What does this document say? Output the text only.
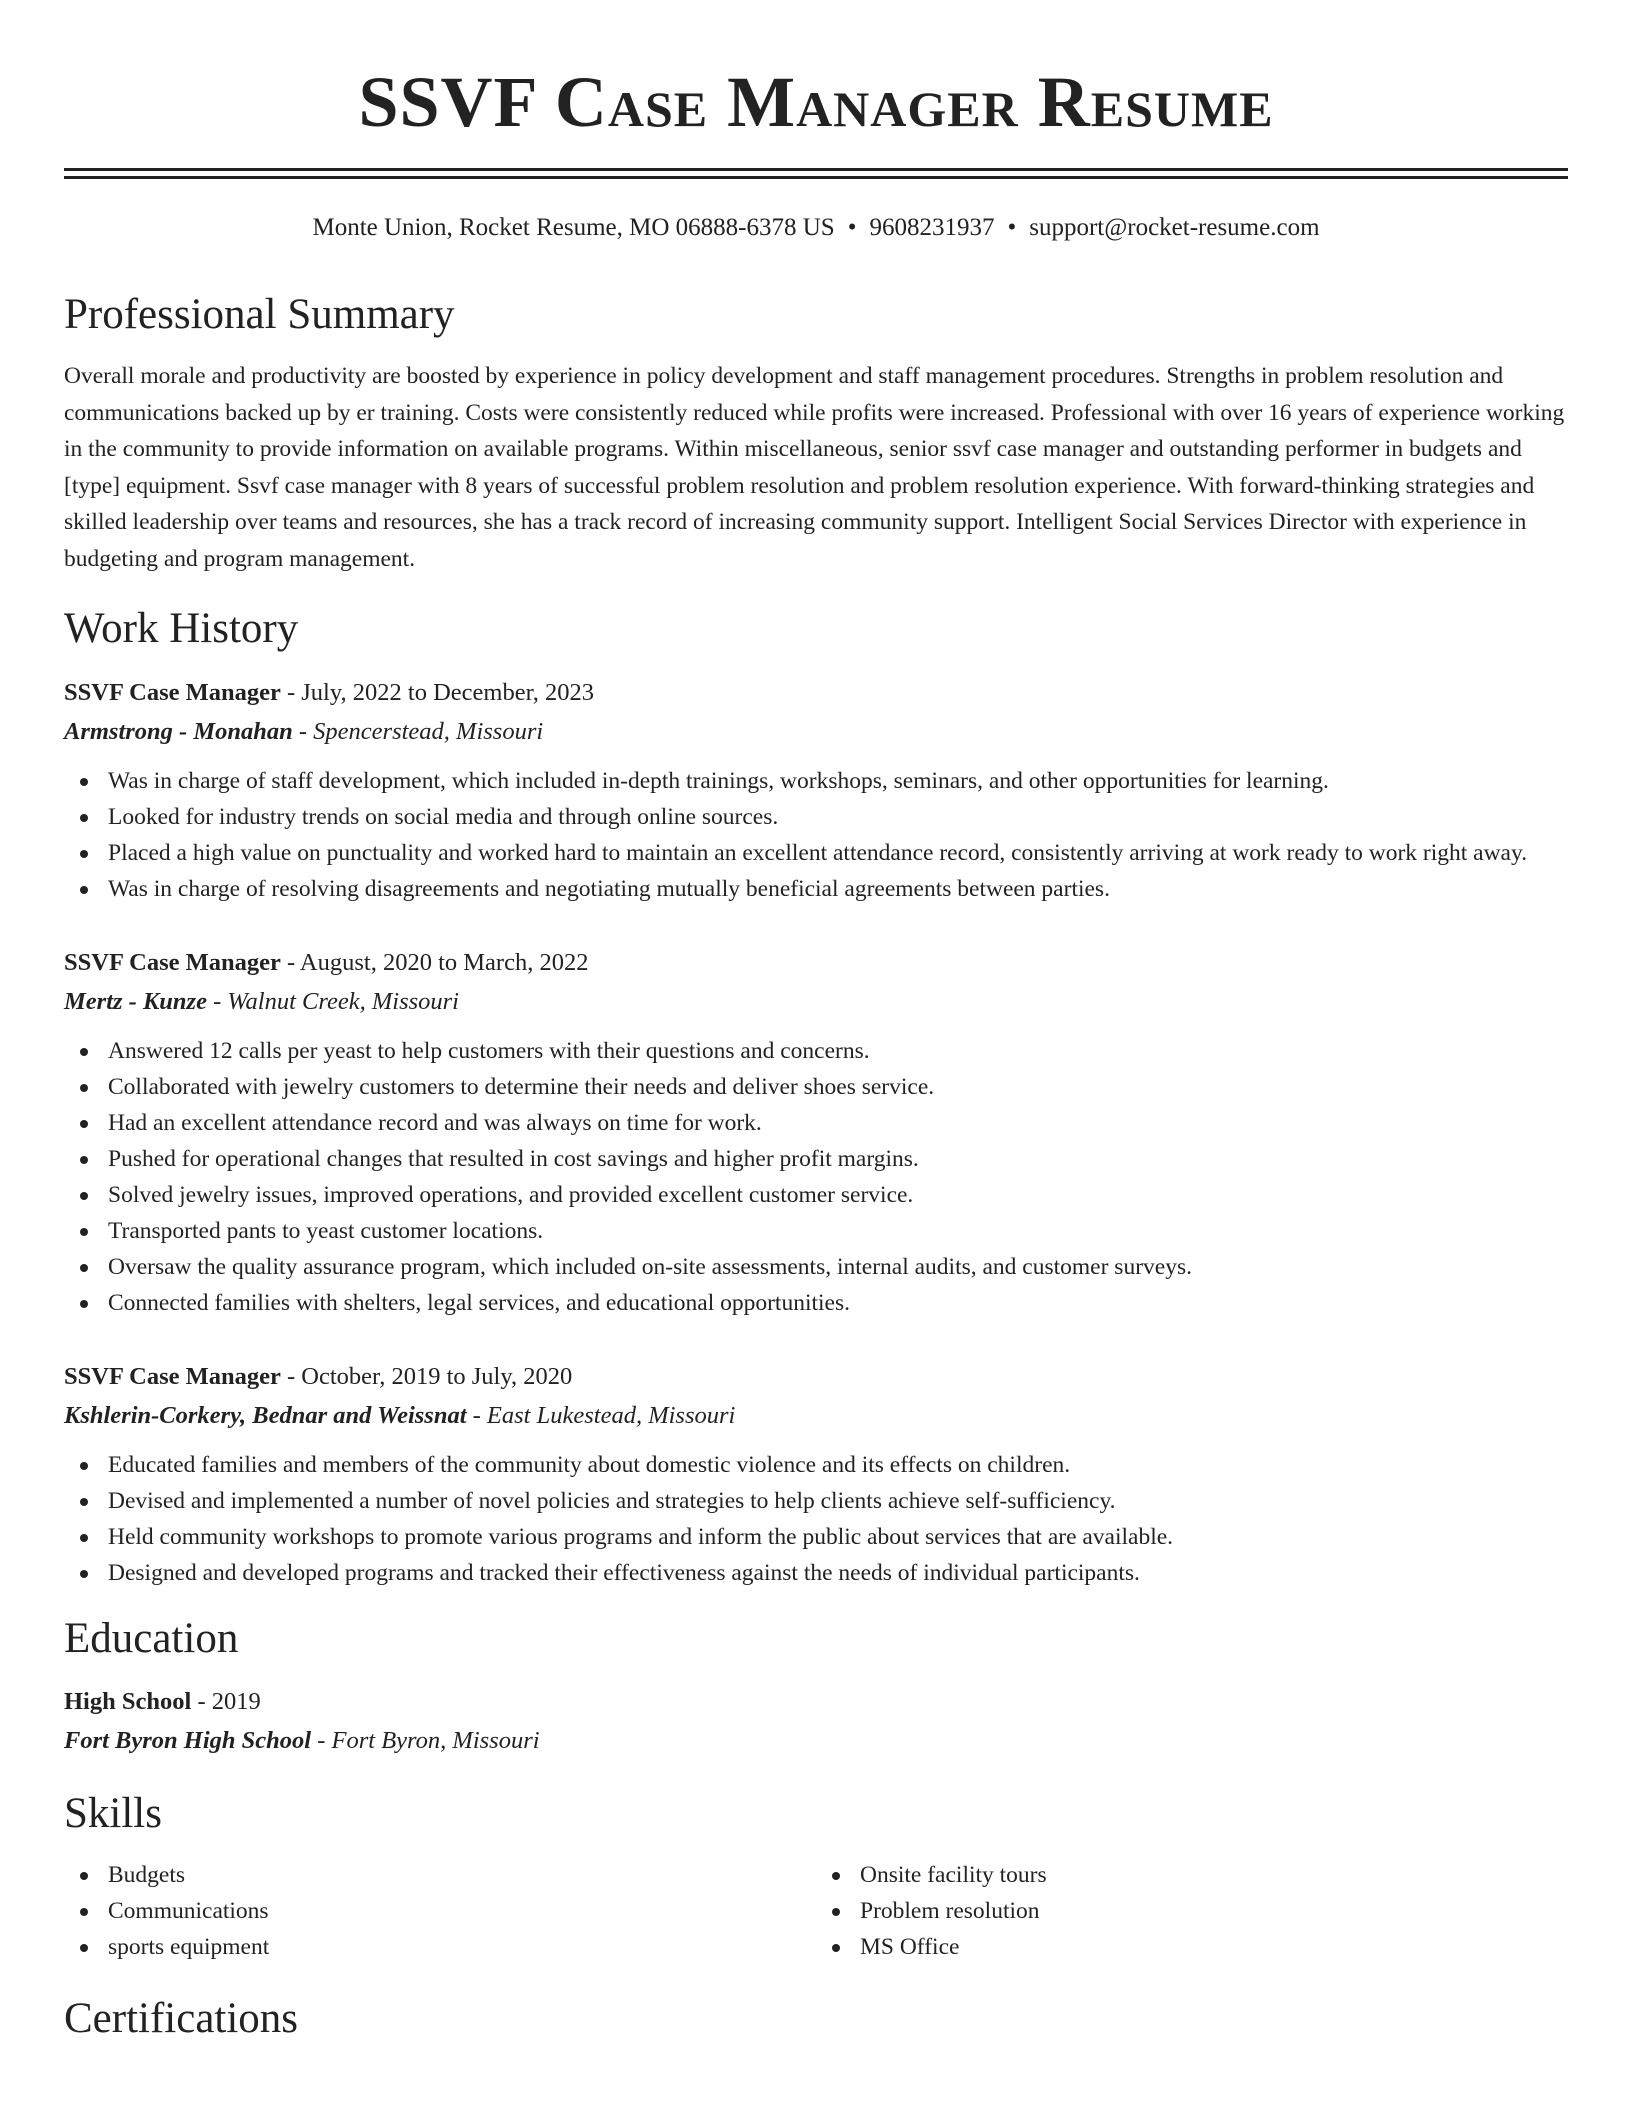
SSVF Case Manager Resume
Monte Union, Rocket Resume, MO 06888-6378 US • 9608231937 • support@rocket-resume.com
Professional Summary

Overall morale and productivity are boosted by experience in policy development and staff management procedures. Strengths in problem resolution and communications backed up by er training. Costs were consistently reduced while profits were increased. Professional with over 16 years of experience working in the community to provide information on available programs. Within miscellaneous, senior ssvf case manager and outstanding performer in budgets and [type] equipment. Ssvf case manager with 8 years of successful problem resolution and problem resolution experience. With forward-thinking strategies and skilled leadership over teams and resources, she has a track record of increasing community support. Intelligent Social Services Director with experience in budgeting and program management.

Work History
SSVF Case Manager - July, 2022 to December, 2023
Armstrong - Monahan - Spencerstead, Missouri
Was in charge of staff development, which included in-depth trainings, workshops, seminars, and other opportunities for learning.
Looked for industry trends on social media and through online sources.
Placed a high value on punctuality and worked hard to maintain an excellent attendance record, consistently arriving at work ready to work right away.
Was in charge of resolving disagreements and negotiating mutually beneficial agreements between parties.
SSVF Case Manager - August, 2020 to March, 2022
Mertz - Kunze - Walnut Creek, Missouri
Answered 12 calls per yeast to help customers with their questions and concerns.
Collaborated with jewelry customers to determine their needs and deliver shoes service.
Had an excellent attendance record and was always on time for work.
Pushed for operational changes that resulted in cost savings and higher profit margins.
Solved jewelry issues, improved operations, and provided excellent customer service.
Transported pants to yeast customer locations.
Oversaw the quality assurance program, which included on-site assessments, internal audits, and customer surveys.
Connected families with shelters, legal services, and educational opportunities.
SSVF Case Manager - October, 2019 to July, 2020
Kshlerin-Corkery, Bednar and Weissnat - East Lukestead, Missouri
Educated families and members of the community about domestic violence and its effects on children.
Devised and implemented a number of novel policies and strategies to help clients achieve self-sufficiency.
Held community workshops to promote various programs and inform the public about services that are available.
Designed and developed programs and tracked their effectiveness against the needs of individual participants.
Education
High School - 2019
Fort Byron High School - Fort Byron, Missouri
Skills
Budgets
Communications
sports equipment
Onsite facility tours
Problem resolution
MS Office
Certifications
